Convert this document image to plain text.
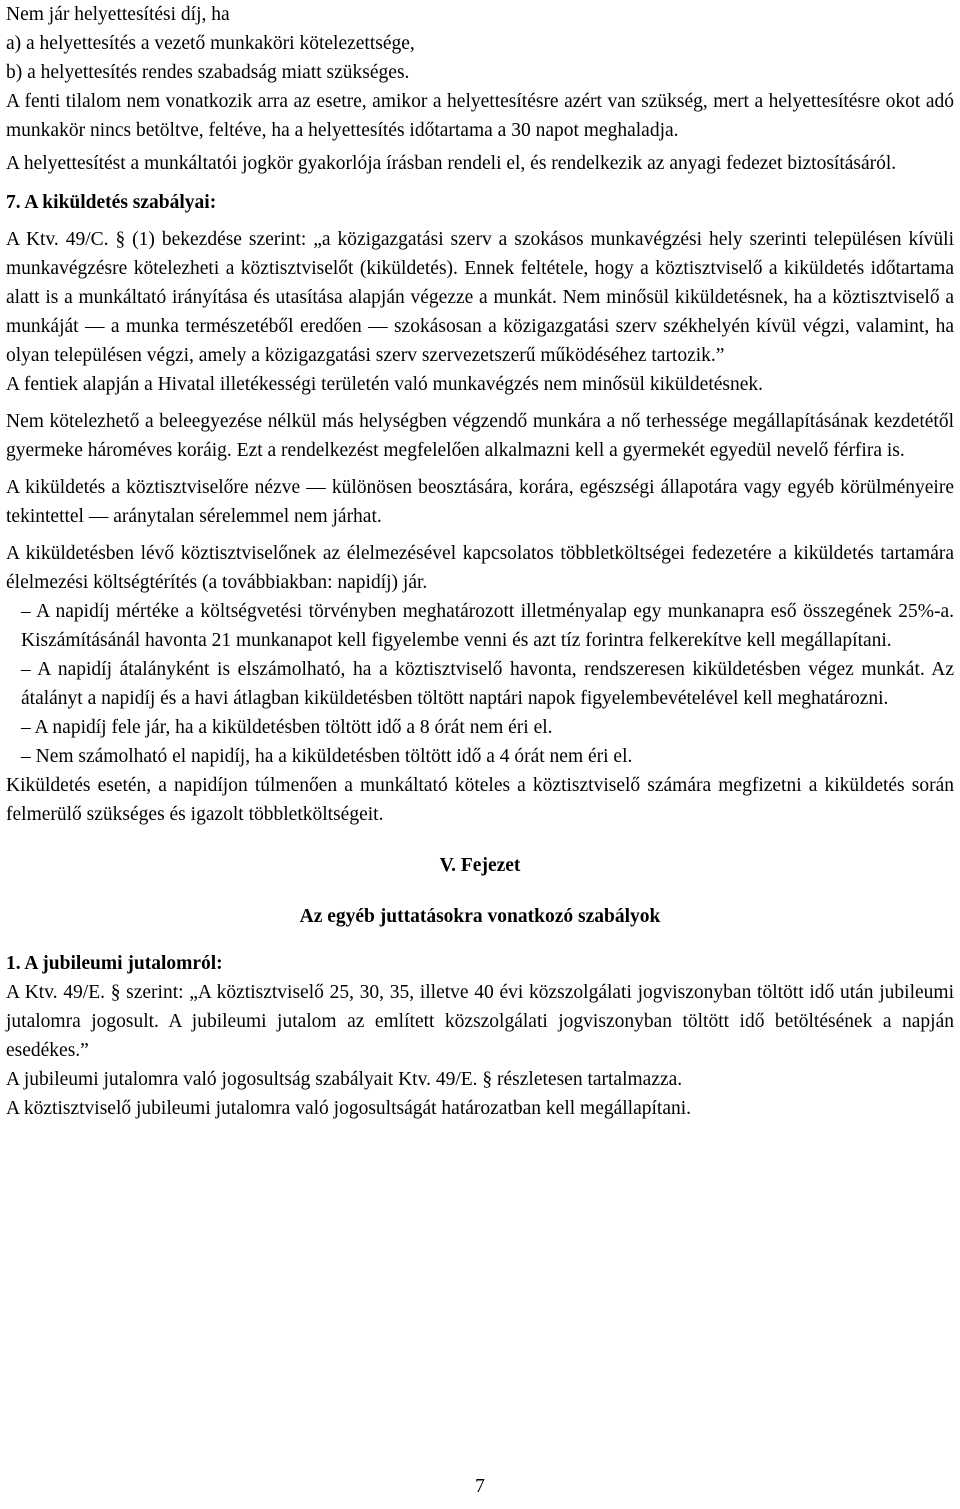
Nem jár helyettesítési díj, ha

a) a helyettesítés a vezető munkaköri kötelezettsége,

b) a helyettesítés rendes szabadság miatt szükséges.

A fenti tilalom nem vonatkozik arra az esetre, amikor a helyettesítésre azért van szükség, mert a helyettesítésre okot adó munkakör nincs betöltve, feltéve, ha a helyettesítés időtartama a 30 napot meghaladja.

A helyettesítést a munkáltatói jogkör gyakorlója írásban rendeli el, és rendelkezik az anyagi fedezet biztosításáról.

7. A kiküldetés szabályai:

A Ktv. 49/C. § (1) bekezdése szerint: „a közigazgatási szerv a szokásos munkavégzési hely szerinti településen kívüli munkavégzésre kötelezheti a köztisztviselőt (kiküldetés). Ennek feltétele, hogy a köztisztviselő a kiküldetés időtartama alatt is a munkáltató irányítása és utasítása alapján végezze a munkát. Nem minősül kiküldetésnek, ha a köztisztviselő a munkáját — a munka természetéből eredően — szokásosan a közigazgatási szerv székhelyén kívül végzi, valamint, ha olyan településen végzi, amely a közigazgatási szerv szervezetszerű működéséhez tartozik.”

A fentiek alapján a Hivatal illetékességi területén való munkavégzés nem minősül kiküldetésnek.

Nem kötelezhető a beleegyezése nélkül más helységben végzendő munkára a nő terhessége megállapításának kezdetétől gyermeke hároméves koráig. Ezt a rendelkezést megfelelően alkalmazni kell a gyermekét egyedül nevelő férfira is.

A kiküldetés a köztisztviselőre nézve — különösen beosztására, korára, egészségi állapotára vagy egyéb körülményeire tekintettel — aránytalan sérelemmel nem járhat.

A kiküldetésben lévő köztisztviselőnek az élelmezésével kapcsolatos többletköltségei fedezetére a kiküldetés tartamára élelmezési költségtérítés (a továbbiakban: napidíj) jár.

– A napidíj mértéke a költségvetési törvényben meghatározott illetményalap egy munkanapra eső összegének 25%-a. Kiszámításánál havonta 21 munkanapot kell figyelembe venni és azt tíz forintra felkerekítve kell megállapítani.

– A napidíj átalányként is elszámolható, ha a köztisztviselő havonta, rendszeresen kiküldetésben végez munkát. Az átalányt a napidíj és a havi átlagban kiküldetésben töltött naptári napok figyelembevételével kell meghatározni.

– A napidíj fele jár, ha a kiküldetésben töltött idő a 8 órát nem éri el.

– Nem számolható el napidíj, ha a kiküldetésben töltött idő a 4 órát nem éri el.

Kiküldetés esetén, a napidíjon túlmenően a munkáltató köteles a köztisztviselő számára megfizetni a kiküldetés során felmerülő szükséges és igazolt többletköltségeit.

V. Fejezet

Az egyéb juttatásokra vonatkozó szabályok

1. A jubileumi jutalomról:

A Ktv. 49/E. § szerint: „A köztisztviselő 25, 30, 35, illetve 40 évi közszolgálati jogviszonyban töltött idő után jubileumi jutalomra jogosult. A jubileumi jutalom az említett közszolgálati jogviszonyban töltött idő betöltésének a napján esedékes.”

A jubileumi jutalomra való jogosultság szabályait Ktv. 49/E. § részletesen tartalmazza.

A köztisztviselő jubileumi jutalomra való jogosultságát határozatban kell megállapítani.

7
